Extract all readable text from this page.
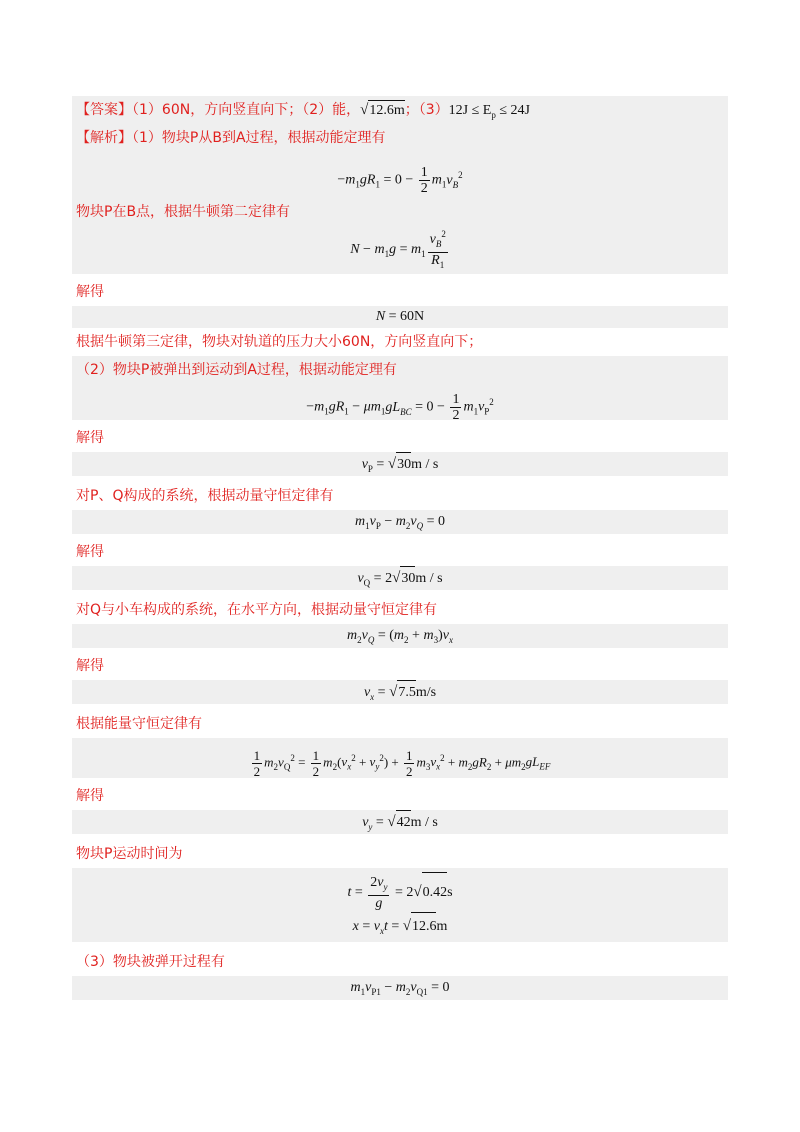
【答案】（1）60N，方向竖直向下；（2）能，√12.6m；$(3)12J \le E_p \le 24J$
【解析】（1）物块P从B到A过程，根据动能定理有
$-m_1gR_1 = 0 - \frac{1}{2} m_1v_B^2$
物块P在B点，根据牛顿第二定律有
$N - m_1g = m_1 \frac{v_B^2}{R_1}$
解得
N = 60N
根据牛顿第三定律，物块对轨道的压力大小60N，方向竖直向下；
（2）物块P被弹出到运动到A过程，根据动能定理有
$-m_1gR_1 - \mu m_1gL_{BC} = 0 - \frac{1}{2} m_1v_P^2$
解得
$v_P = √30m / s$
对P、Q构成的系统，根据动量守恒定律有
$m_1v_P - m_2v_Q = 0$
解得
$v_Q = 2√30m / s$
对Q与小车构成的系统，在水平方向，根据动量守恒定律有
$m_2v_Q = (m_2 + m_3)v_x$
解得
$v_x = √7.5m/s$
根据能量守恒定律有
$\frac{1}{2} m_2v_Q^2 = \frac{1}{2} m_2(v_x^2 + v_y^2) + \frac{1}{2} m_3v_x^2 + m_2gR_2 + \mu m_2gL_{EF}$
解得
$v_y = √42m / s$
物块P运动时间为
$t = \frac{2v_y}{g} = 2√0.42s$
$x = v_xt = √12.6m$
（3）物块被弹开过程有
$m_1v_{P1} - m_2v_{Q1} = 0$
